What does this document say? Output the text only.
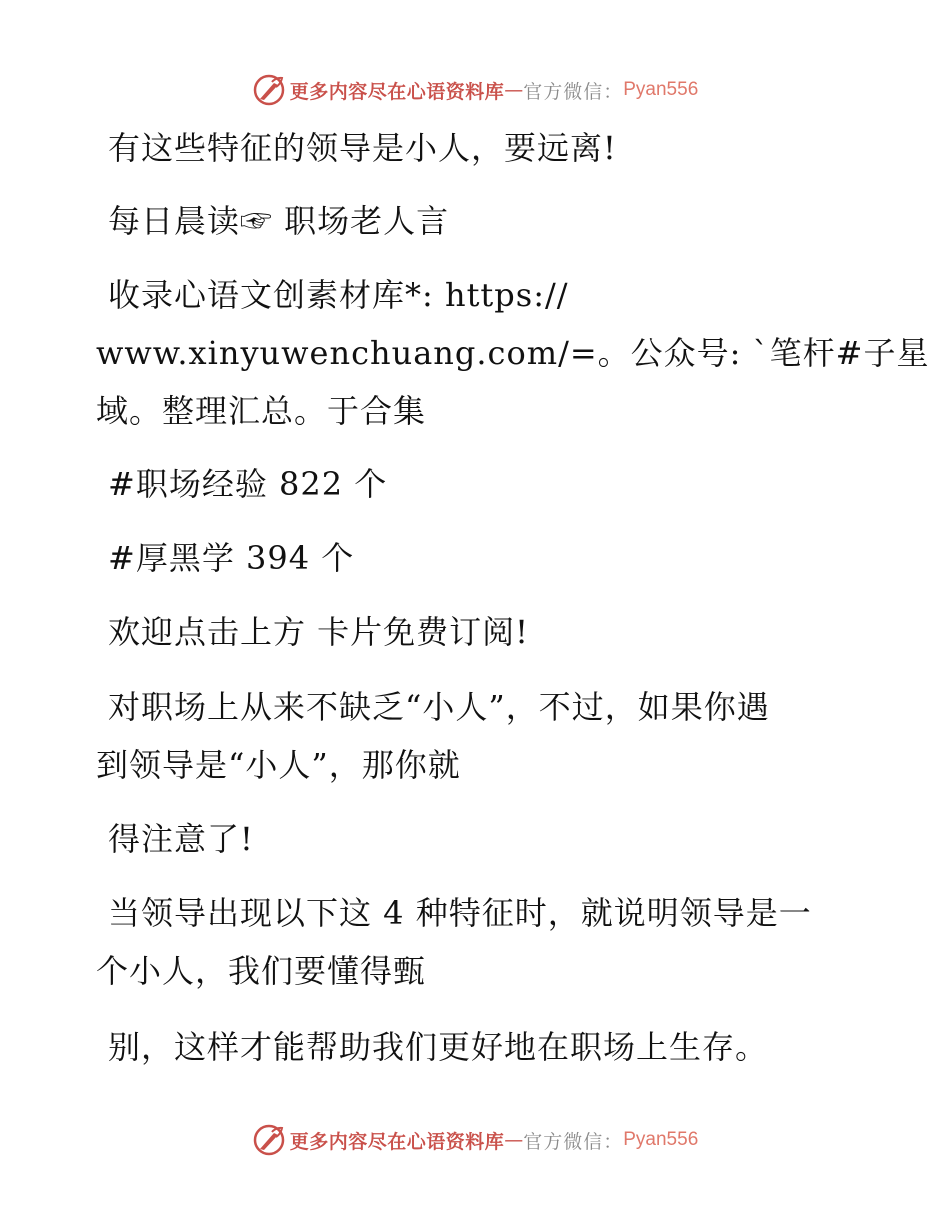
更多内容尽在心语资料库 — 官方微信： Pyan556
有这些特征的领导是小人，要远离!
每日晨读☞ 职场老人言
收录心语文创素材库*: https://
www.xinyuwenchuang.com/=。公众号: `笔杆#子星
域。整理汇总。于合集
#职场经验 822 个
#厚黑学 394 个
欢迎点击上方 卡片免费订阅!
对职场上从来不缺乏“小人”，不过，如果你遇
到领导是“小人”，那你就
得注意了!
当领导出现以下这 4 种特征时，就说明领导是一
个小人，我们要懂得甄
别，这样才能帮助我们更好地在职场上生存。
更多内容尽在心语资料库 — 官方微信： Pyan556
